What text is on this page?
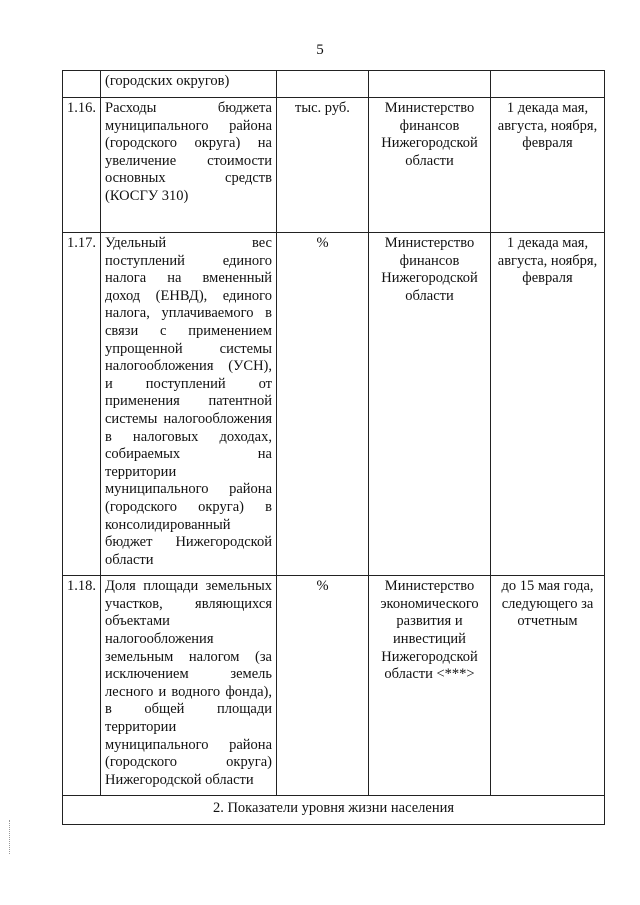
5
	(городских округов)			
1.16.	Расходы бюджета муниципального района (городского округа) на увеличение стоимости основных средств (КОСГУ 310)	тыс. руб.	Министерство финансов Нижегородской области	1 декада мая, августа, ноября, февраля
1.17.	Удельный вес поступлений единого налога на вмененный доход (ЕНВД), единого налога, уплачиваемого в связи с применением упрощенной системы налогообложения (УСН), и поступлений от применения патентной системы налогообложения в налоговых доходах, собираемых на территории муниципального района (городского округа) в консолидированный бюджет Нижегородской области	%	Министерство финансов Нижегородской области	1 декада мая, августа, ноября, февраля
1.18.	Доля площади земельных участков, являющихся объектами налогообложения земельным налогом (за исключением земель лесного и водного фонда), в общей площади территории муниципального района (городского округа) Нижегородской области	%	Министерство экономического развития и инвестиций Нижегородской области <***>	до 15 мая года, следующего за отчетным
2. Показатели уровня жизни населения				
